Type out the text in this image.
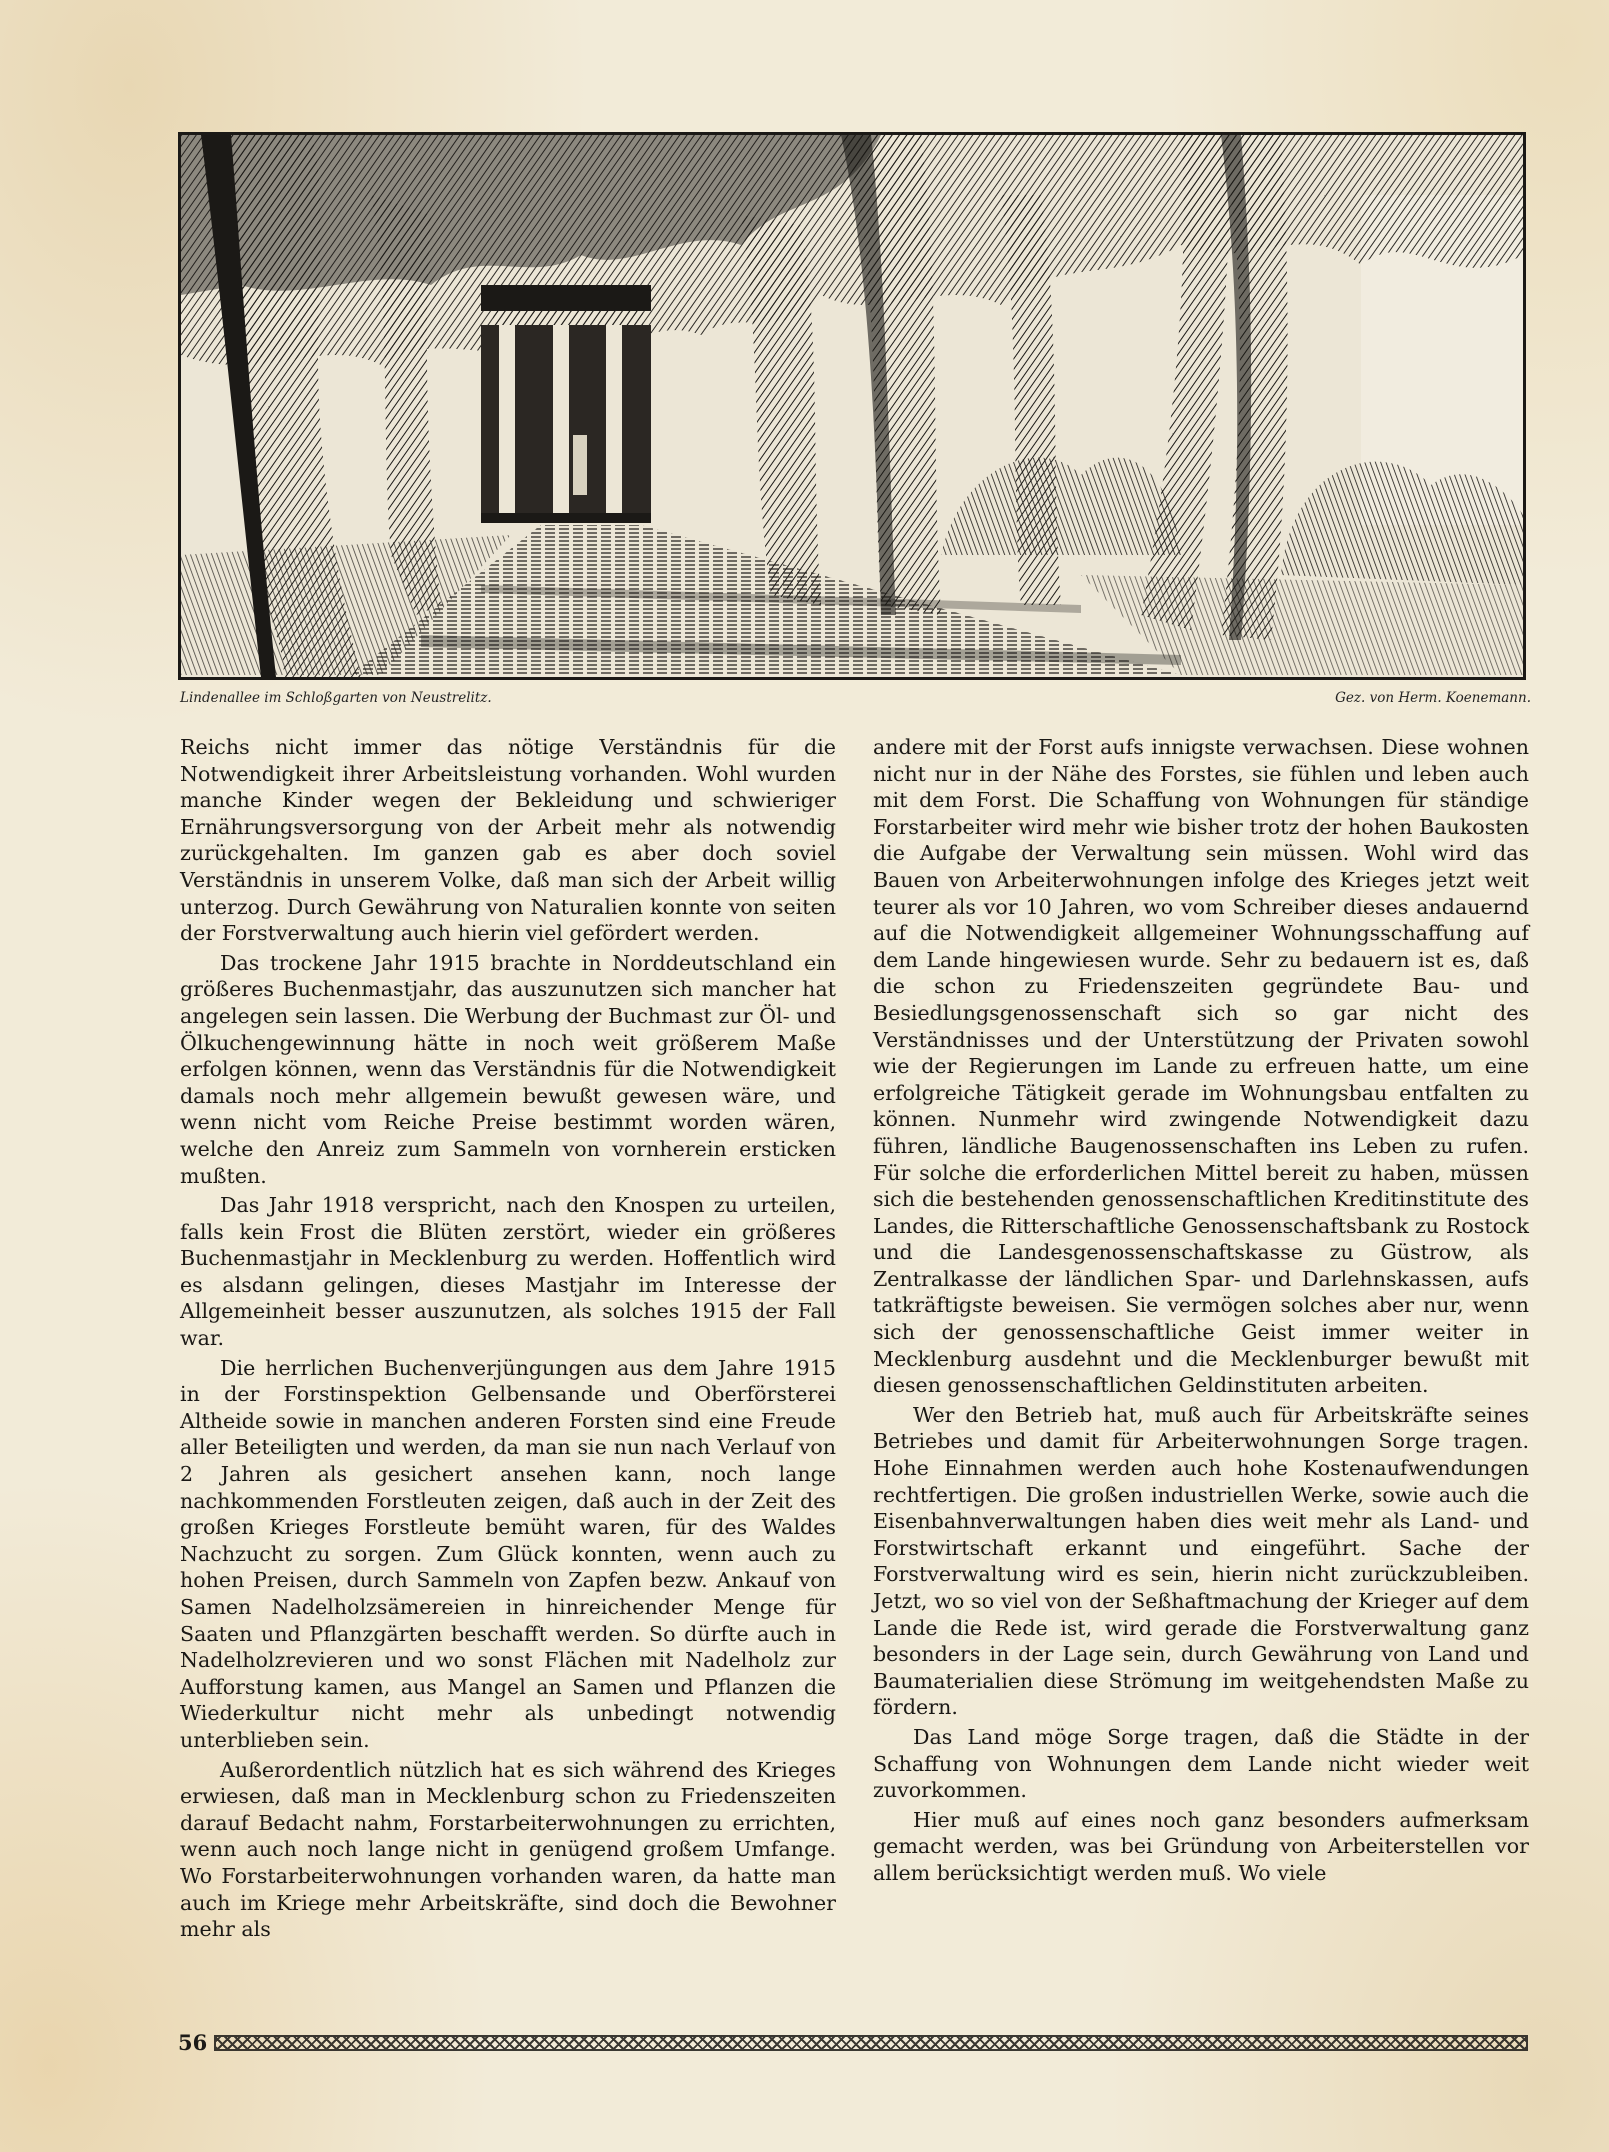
Lindenallee im Schloßgarten von Neustrelitz.	Gez. von Herm. Koenemann.

Reichs nicht immer das nötige Verständnis für die Notwendigkeit ihrer Arbeitsleistung vorhanden. Wohl wurden manche Kinder wegen der Bekleidung und schwieriger Ernährungsversorgung von der Arbeit mehr als notwendig zurückgehalten. Im ganzen gab es aber doch soviel Verständnis in unserem Volke, daß man sich der Arbeit willig unterzog. Durch Gewährung von Naturalien konnte von seiten der Forstverwaltung auch hierin viel gefördert werden.

Das trockene Jahr 1915 brachte in Norddeutschland ein größeres Buchenmastjahr, das auszunutzen sich mancher hat angelegen sein lassen. Die Werbung der Buchmast zur Öl- und Ölkuchengewinnung hätte in noch weit größerem Maße erfolgen können, wenn das Verständnis für die Notwendigkeit damals noch mehr allgemein bewußt gewesen wäre, und wenn nicht vom Reiche Preise bestimmt worden wären, welche den Anreiz zum Sammeln von vornherein ersticken mußten.

Das Jahr 1918 verspricht, nach den Knospen zu urteilen, falls kein Frost die Blüten zerstört, wieder ein größeres Buchenmastjahr in Mecklenburg zu werden. Hoffentlich wird es alsdann gelingen, dieses Mastjahr im Interesse der Allgemeinheit besser auszunutzen, als solches 1915 der Fall war.

Die herrlichen Buchenverjüngungen aus dem Jahre 1915 in der Forstinspektion Gelbensande und Oberförsterei Altheide sowie in manchen anderen Forsten sind eine Freude aller Beteiligten und werden, da man sie nun nach Verlauf von 2 Jahren als gesichert ansehen kann, noch lange nachkommenden Forstleuten zeigen, daß auch in der Zeit des großen Krieges Forstleute bemüht waren, für des Waldes Nachzucht zu sorgen. Zum Glück konnten, wenn auch zu hohen Preisen, durch Sammeln von Zapfen bezw. Ankauf von Samen Nadelholzsämereien in hinreichender Menge für Saaten und Pflanzgärten beschafft werden. So dürfte auch in Nadelholzrevieren und wo sonst Flächen mit Nadelholz zur Aufforstung kamen, aus Mangel an Samen und Pflanzen die Wiederkultur nicht mehr als unbedingt notwendig unterblieben sein.

Außerordentlich nützlich hat es sich während des Krieges erwiesen, daß man in Mecklenburg schon zu Friedenszeiten darauf Bedacht nahm, Forstarbeiterwohnungen zu errichten, wenn auch noch lange nicht in genügend großem Umfange. Wo Forstarbeiterwohnungen vorhanden waren, da hatte man auch im Kriege mehr Arbeitskräfte, sind doch die Bewohner mehr als

andere mit der Forst aufs innigste verwachsen. Diese wohnen nicht nur in der Nähe des Forstes, sie fühlen und leben auch mit dem Forst. Die Schaffung von Wohnungen für ständige Forstarbeiter wird mehr wie bisher trotz der hohen Baukosten die Aufgabe der Verwaltung sein müssen. Wohl wird das Bauen von Arbeiterwohnungen infolge des Krieges jetzt weit teurer als vor 10 Jahren, wo vom Schreiber dieses andauernd auf die Notwendigkeit allgemeiner Wohnungsschaffung auf dem Lande hingewiesen wurde. Sehr zu bedauern ist es, daß die schon zu Friedenszeiten gegründete Bau- und Besiedlungsgenossenschaft sich so gar nicht des Verständnisses und der Unterstützung der Privaten sowohl wie der Regierungen im Lande zu erfreuen hatte, um eine erfolgreiche Tätigkeit gerade im Wohnungsbau entfalten zu können. Nunmehr wird zwingende Notwendigkeit dazu führen, ländliche Baugenossenschaften ins Leben zu rufen. Für solche die erforderlichen Mittel bereit zu haben, müssen sich die bestehenden genossenschaftlichen Kreditinstitute des Landes, die Ritterschaftliche Genossenschaftsbank zu Rostock und die Landesgenossenschaftskasse zu Güstrow, als Zentralkasse der ländlichen Spar- und Darlehnskassen, aufs tatkräftigste beweisen. Sie vermögen solches aber nur, wenn sich der genossenschaftliche Geist immer weiter in Mecklenburg ausdehnt und die Mecklenburger bewußt mit diesen genossenschaftlichen Geldinstituten arbeiten.

Wer den Betrieb hat, muß auch für Arbeitskräfte seines Betriebes und damit für Arbeiterwohnungen Sorge tragen. Hohe Einnahmen werden auch hohe Kostenaufwendungen rechtfertigen. Die großen industriellen Werke, sowie auch die Eisenbahnverwaltungen haben dies weit mehr als Land- und Forstwirtschaft erkannt und eingeführt. Sache der Forstverwaltung wird es sein, hierin nicht zurückzubleiben. Jetzt, wo so viel von der Seßhaftmachung der Krieger auf dem Lande die Rede ist, wird gerade die Forstverwaltung ganz besonders in der Lage sein, durch Gewährung von Land und Baumaterialien diese Strömung im weitgehendsten Maße zu fördern.

Das Land möge Sorge tragen, daß die Städte in der Schaffung von Wohnungen dem Lande nicht wieder weit zuvorkommen.

Hier muß auf eines noch ganz besonders aufmerksam gemacht werden, was bei Gründung von Arbeiterstellen vor allem berücksichtigt werden muß. Wo viele

56
